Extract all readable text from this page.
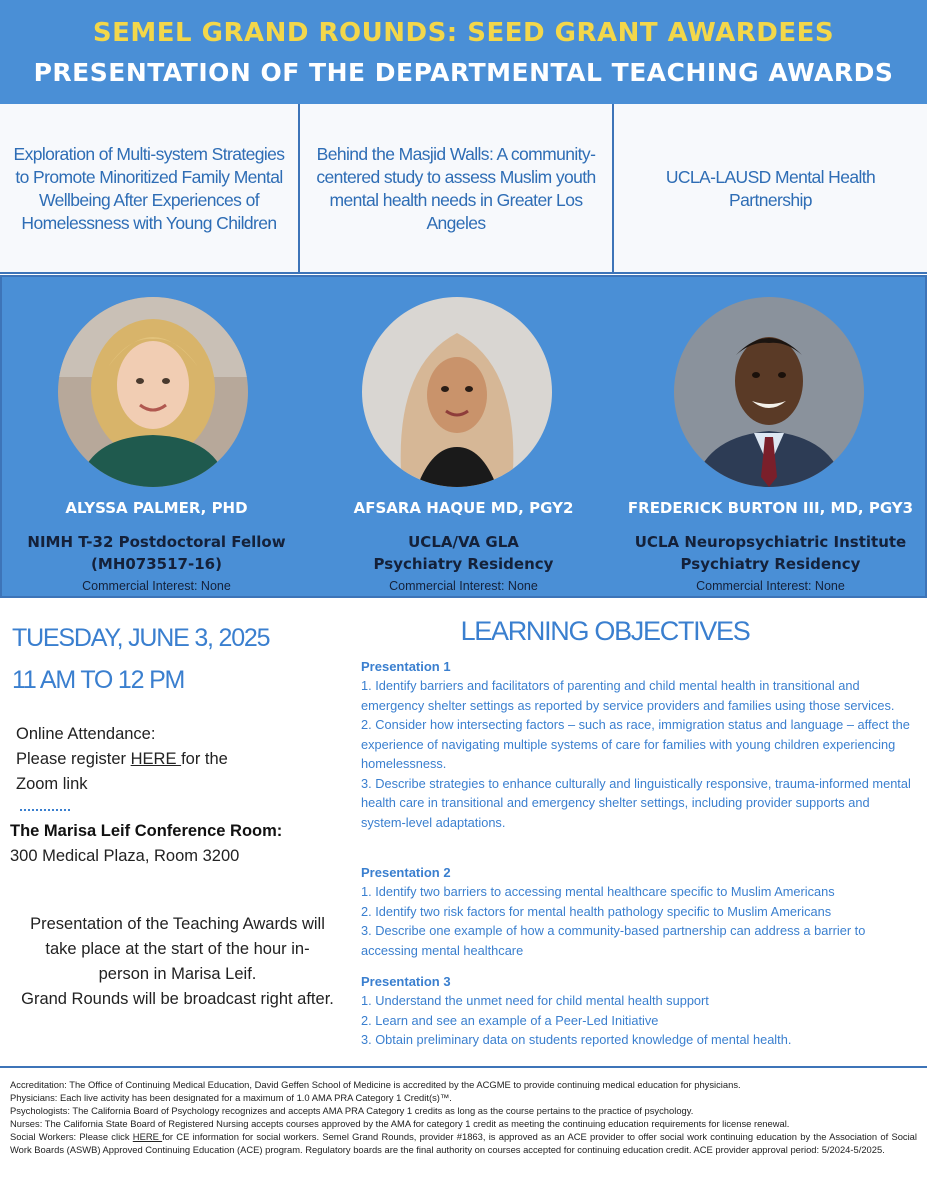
SEMEL GRAND ROUNDS: SEED GRANT AWARDEES
PRESENTATION OF THE DEPARTMENTAL TEACHING AWARDS
Exploration of Multi-system Strategies to Promote Minoritized Family Mental Wellbeing After Experiences of Homelessness with Young Children
Behind the Masjid Walls: A community-centered study to assess Muslim youth mental health needs in Greater Los Angeles
UCLA-LAUSD Mental Health Partnership
ALYSSA PALMER, PHD
NIMH T-32 Postdoctoral Fellow
(MH073517-16)
Commercial Interest: None
AFSARA HAQUE MD, PGY2
UCLA/VA GLA
Psychiatry Residency
Commercial Interest: None
FREDERICK BURTON III, MD, PGY3
UCLA Neuropsychiatric Institute
Psychiatry Residency
Commercial Interest: None
TUESDAY, JUNE 3, 2025
11 AM TO 12 PM
Online Attendance:
Please register HERE for the
Zoom link
The Marisa Leif Conference Room:
300 Medical Plaza, Room 3200
Presentation of the Teaching Awards will
take place at the start of the hour in-
person in Marisa Leif.
Grand Rounds will be broadcast right after.
LEARNING OBJECTIVES
Presentation 1
1. Identify barriers and facilitators of parenting and child mental health in transitional and emergency shelter settings as reported by service providers and families using those services.
2. Consider how intersecting factors – such as race, immigration status and language – affect the experience of navigating multiple systems of care for families with young children experiencing homelessness.
3. Describe strategies to enhance culturally and linguistically responsive, trauma-informed mental health care in transitional and emergency shelter settings, including provider supports and system-level adaptations.
Presentation 2
1. Identify two barriers to accessing mental healthcare specific to Muslim Americans
2. Identify two risk factors for mental health pathology specific to Muslim Americans
3. Describe one example of how a community-based partnership can address a barrier to accessing mental healthcare
Presentation 3
1. Understand the unmet need for child mental health support
2. Learn and see an example of a Peer-Led Initiative
3. Obtain preliminary data on students reported knowledge of mental health.
Accreditation: The Office of Continuing Medical Education, David Geffen School of Medicine is accredited by the ACGME to provide continuing medical education for physicians.
Physicians: Each live activity has been designated for a maximum of 1.0 AMA PRA Category 1 Credit(s)™.
Psychologists: The California Board of Psychology recognizes and accepts AMA PRA Category 1 credits as long as the course pertains to the practice of psychology.
Nurses: The California State Board of Registered Nursing accepts courses approved by the AMA for category 1 credit as meeting the continuing education requirements for license renewal.
Social Workers: Please click HERE for CE information for social workers. Semel Grand Rounds, provider #1863, is approved as an ACE provider to offer social work continuing education by the Association of Social Work Boards (ASWB) Approved Continuing Education (ACE) program. Regulatory boards are the final authority on courses accepted for continuing education credit. ACE provider approval period: 5/2024-5/2025.
